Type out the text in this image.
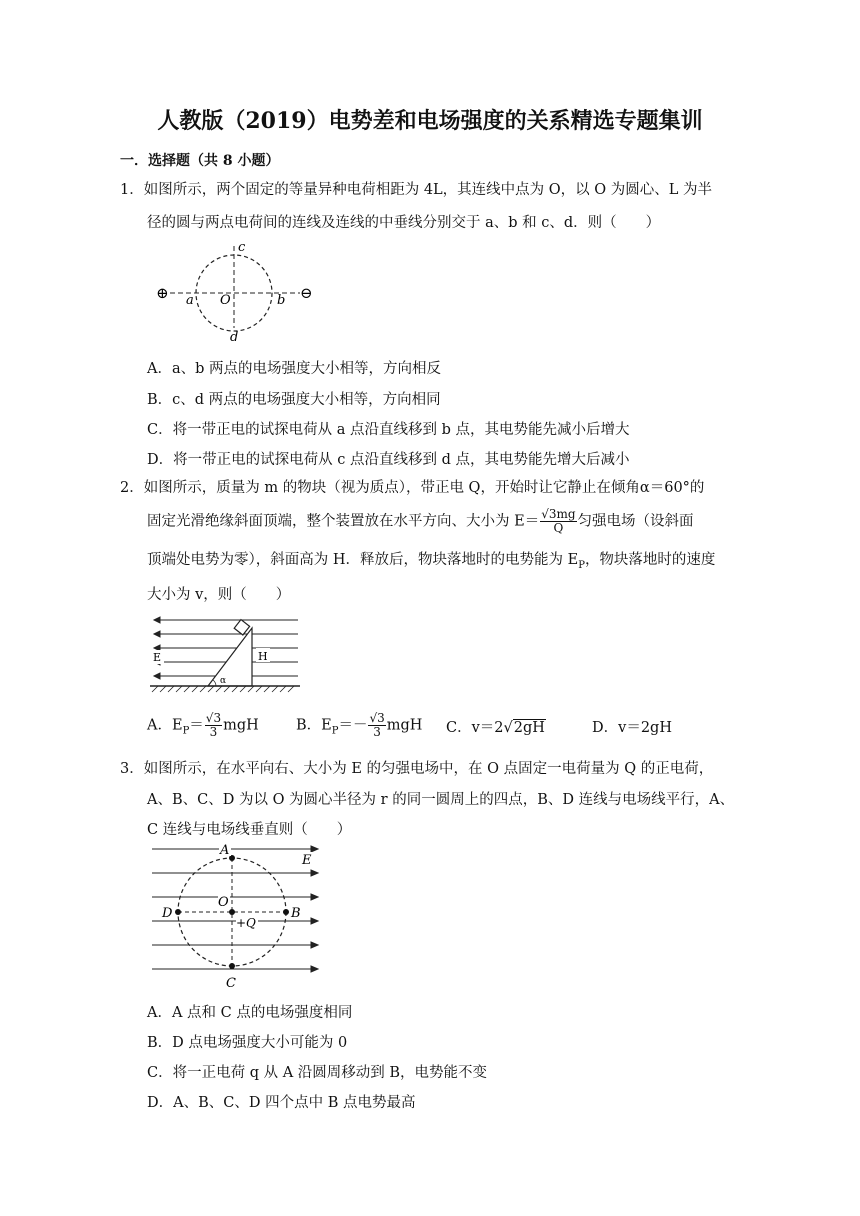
人教版（2019）电势差和电场强度的关系精选专题集训
一．选择题（共 8 小题）
1．如图所示，两个固定的等量异种电荷相距为 4L，其连线中点为 O，以 O 为圆心、L 为半
径的圆与两点电荷间的连线及连线的中垂线分别交于 a、b 和 c、d．则（　　）
⊕	⊖
a O	b
c
d
A．a、b 两点的电场强度大小相等，方向相反
B．c、d 两点的电场强度大小相等，方向相同
C．将一带正电的试探电荷从 a 点沿直线移到 b 点，其电势能先减小后增大
D．将一带正电的试探电荷从 c 点沿直线移到 d 点，其电势能先增大后减小
2．如图所示，质量为 m 的物块（视为质点），带正电 Q，开始时让它静止在倾角α＝60°的
固定光滑绝缘斜面顶端，整个装置放在水平方向、大小为 $E= \frac{√3mg}{Q}$ 匀强电场（设斜面
顶端处电势为零），斜面高为 H．释放后，物块落地时的电势能为 $E_P$，物块落地时的速度
大小为 v，则（　　）
H
E
α
A．$E_P= \frac{√3}{3}$ mgH	B．$E_P=- \frac{√3}{3}$ mgH C．v＝2√2gH	D．v＝2gH
3．如图所示，在水平向右、大小为 E 的匀强电场中，在 O 点固定一电荷量为 Q 的正电荷，
A、B、C、D 为以 O 为圆心半径为 r 的同一圆周上的四点，B、D 连线与电场线平行，A、
C 连线与电场线垂直则（　　）
A
D	B
C
O
+Q
E
A．A 点和 C 点的电场强度相同
B．D 点电场强度大小可能为 0
C．将一正电荷 q 从 A 沿圆周移动到 B，电势能不变
D．A、B、C、D 四个点中 B 点电势最高
